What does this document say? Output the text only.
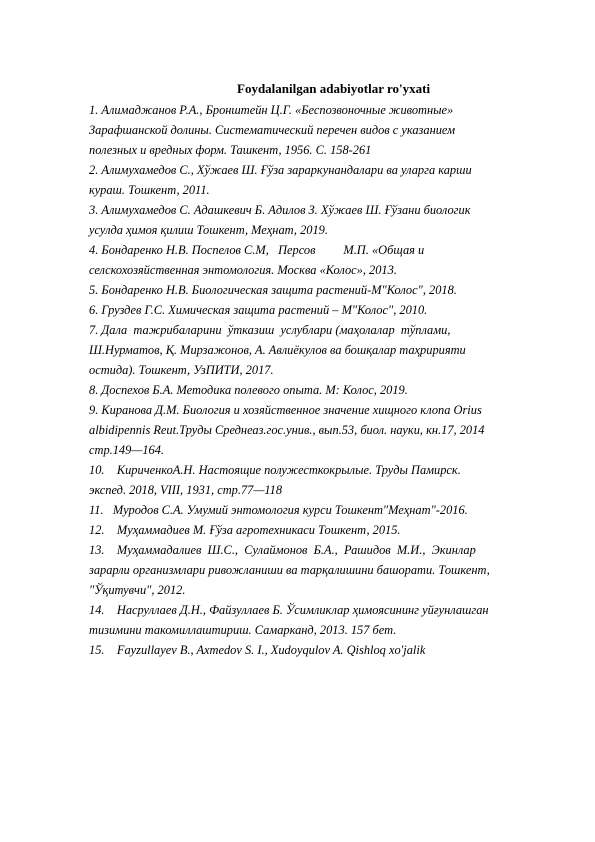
Foydalanilgan adabiyotlar ro'yxati
1. Алимаджанов Р.А., Бронштейн Ц.Г. «Беспозвоночные животные»
Зарафшанской долины. Систематический перечен видов с указанием
полезных и вредных форм. Ташкент, 1956. С. 158-261
2. Алимухамедов С., Хўжаев Ш. Ғўза зараркунандалари ва уларга карши
кураш. Тошкент, 2011.
3. Алимухамедов С. Адашкевич Б. Адилов З. Хўжаев Ш. Ғўзани биологик
усулда ҳимоя қилиш Тошкент, Меҳнат, 2019.
4. Бондаренко Н.В. Поспелов С.М,   Персов         М.П. «Общая и
селскохозяйственная энтомология. Москва «Колос», 2013.
5. Бондаренко Н.В. Биологическая защита растений-М"Колос", 2018.
6. Груздев Г.С. Химическая защита растений – М"Колос", 2010.
7. Дала  тажрибаларини  ўтказиш  услублари (маҳолалар  тўплами,
Ш.Нурматов, Қ. Мирзажонов, А. Авлиёкулов ва бошқалар таҳририяти
остида). Тошкент, УзПИТИ, 2017.
8. Доспехов Б.А. Методика полевого опыта. М: Колос, 2019.
9. Киранова Д.М. Биология и хозяйственное значение хищного клопа Orius
albidipennis Reut.Труды Среднеаз.гос.унив., вып.53, биол. науки, кн.17, 2014
стр.149—164.
10.    КириченкоА.Н. Настоящие полужесткокрылые. Труды Памирск.
экспед. 2018, VIII, 1931, стр.77—118
11.   Муродов С.А. Умумий энтомология курси Тошкент"Меҳнат"-2016.
12.    Муҳаммадиев М. Ғўза агротехникаси Тошкент, 2015.
13.    Муҳаммадалиев  Ш.С.,  Сулаймонов  Б.А.,  Рашидов  М.И.,  Экинлар
зарарли организмлари ривожланиши ва тарқалишини башорати. Тошкент,
"Ўқитувчи", 2012.
14.    Насруллаев Д.Н., Файзуллаев Б. Ўсимликлар ҳимоясининг уйғунлашган
тизимини такомиллаштириш. Самарканд, 2013. 157 бет.
15.    Fayzullayev B., Axmedov S. I., Xudoyqulov A. Qishloq xo'jalik
